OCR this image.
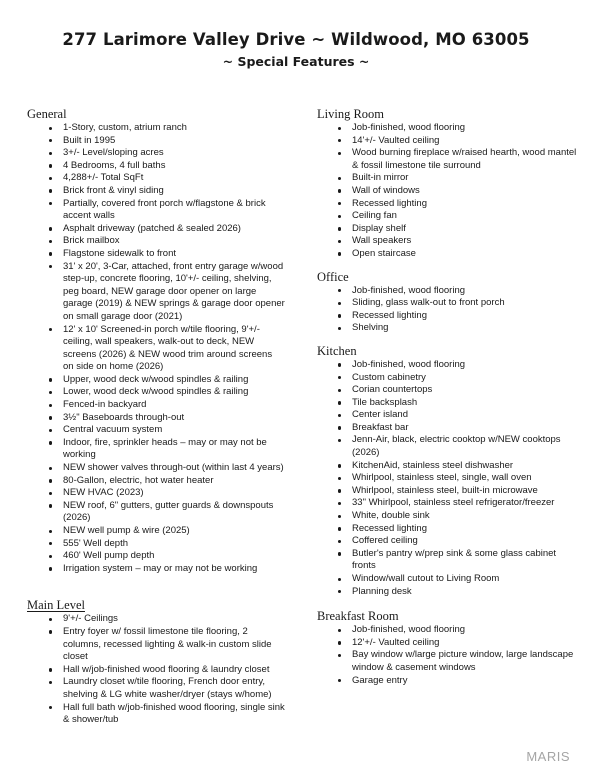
277 Larimore Valley Drive ~ Wildwood, MO 63005
~ Special Features ~
General
1-Story, custom, atrium ranch
Built in 1995
3+/- Level/sloping acres
4 Bedrooms, 4 full baths
4,288+/- Total SqFt
Brick front & vinyl siding
Partially, covered front porch w/flagstone & brick accent walls
Asphalt driveway (patched & sealed 2026)
Brick mailbox
Flagstone sidewalk to front
31' x 20', 3-Car, attached, front entry garage w/wood step-up, concrete flooring, 10'+/- ceiling, shelving, peg board, NEW garage door opener on large garage (2019) & NEW springs & garage door opener on small garage door (2021)
12' x 10' Screened-in porch w/tile flooring, 9'+/- ceiling, wall speakers, walk-out to deck, NEW screens (2026) & NEW wood trim around screens on side on home (2026)
Upper, wood deck w/wood spindles & railing
Lower, wood deck w/wood spindles & railing
Fenced-in backyard
3½" Baseboards through-out
Central vacuum system
Indoor, fire, sprinkler heads – may or may not be working
NEW shower valves through-out (within last 4 years)
80-Gallon, electric, hot water heater
NEW HVAC (2023)
NEW roof, 6" gutters, gutter guards & downspouts (2026)
NEW well pump & wire (2025)
555' Well depth
460' Well pump depth
Irrigation system – may or may not be working
Main Level
9'+/- Ceilings
Entry foyer w/ fossil limestone tile flooring, 2 columns, recessed lighting & walk-in custom slide closet
Hall w/job-finished wood flooring & laundry closet
Laundry closet w/tile flooring, French door entry, shelving & LG white washer/dryer (stays w/home)
Hall full bath w/job-finished wood flooring, single sink & shower/tub
Living Room
Job-finished, wood flooring
14'+/- Vaulted ceiling
Wood burning fireplace w/raised hearth, wood mantel & fossil limestone tile surround
Built-in mirror
Wall of windows
Recessed lighting
Ceiling fan
Display shelf
Wall speakers
Open staircase
Office
Job-finished, wood flooring
Sliding, glass walk-out to front porch
Recessed lighting
Shelving
Kitchen
Job-finished, wood flooring
Custom cabinetry
Corian countertops
Tile backsplash
Center island
Breakfast bar
Jenn-Air, black, electric cooktop w/NEW cooktops (2026)
KitchenAid, stainless steel dishwasher
Whirlpool, stainless steel, single, wall oven
Whirlpool, stainless steel, built-in microwave
33" Whirlpool, stainless steel refrigerator/freezer
White, double sink
Recessed lighting
Coffered ceiling
Butler's pantry w/prep sink & some glass cabinet fronts
Window/wall cutout to Living Room
Planning desk
Breakfast Room
Job-finished, wood flooring
12'+/- Vaulted ceiling
Bay window w/large picture window, large landscape window & casement windows
Garage entry
MARIS
